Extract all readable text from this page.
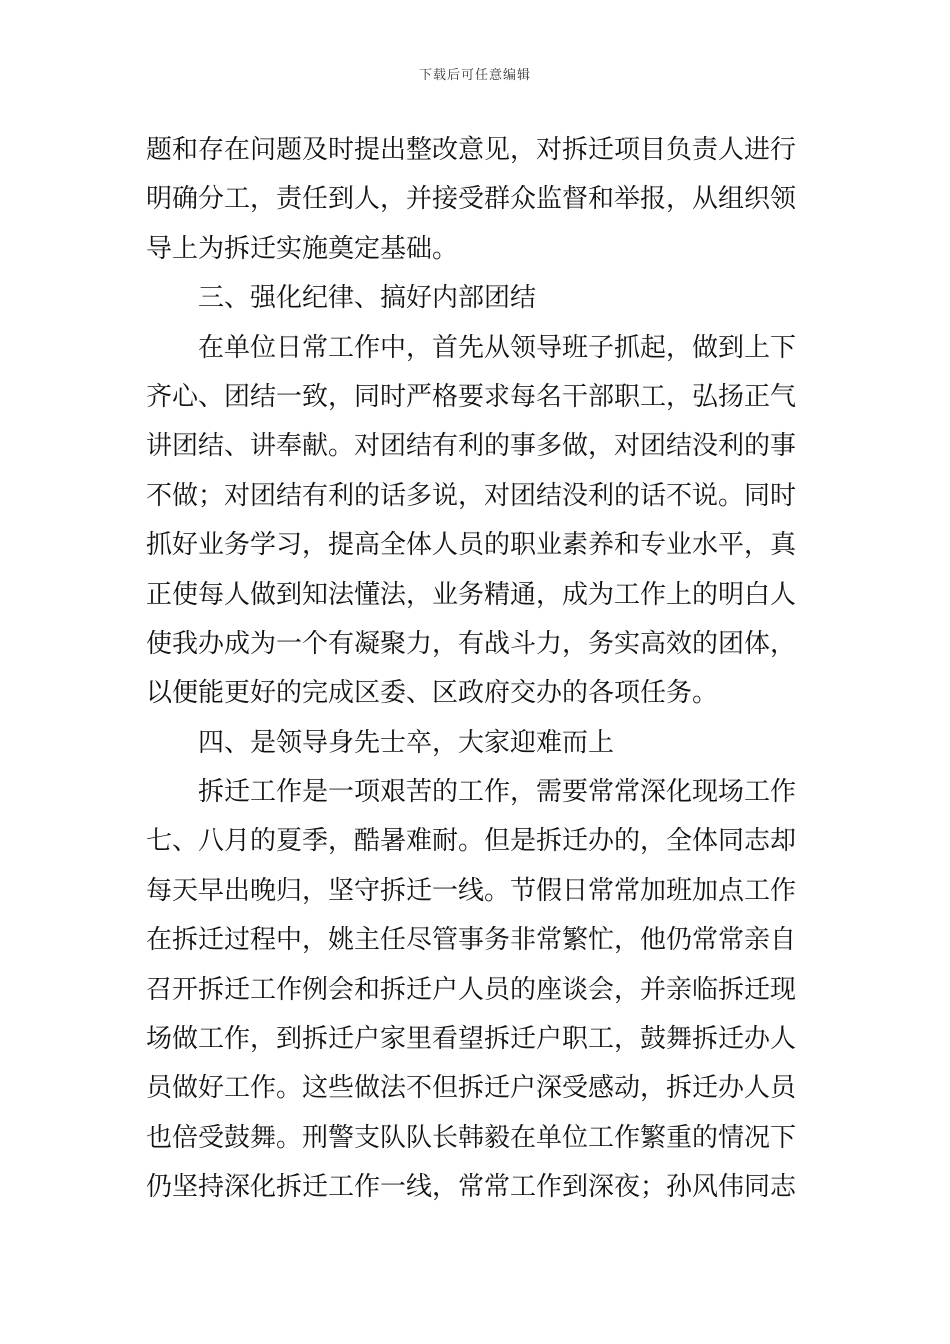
下载后可任意编辑
题和存在问题及时提出整改意见，对拆迁项目负责人进行
明确分工，责任到人，并接受群众监督和举报，从组织领
导上为拆迁实施奠定基础。
三、强化纪律、搞好内部团结
在单位日常工作中，首先从领导班子抓起，做到上下
齐心、团结一致，同时严格要求每名干部职工，弘扬正气
讲团结、讲奉献。对团结有利的事多做，对团结没利的事
不做；对团结有利的话多说，对团结没利的话不说。同时
抓好业务学习，提高全体人员的职业素养和专业水平，真
正使每人做到知法懂法，业务精通，成为工作上的明白人
使我办成为一个有凝聚力，有战斗力，务实高效的团体，
以便能更好的完成区委、区政府交办的各项任务。
四、是领导身先士卒，大家迎难而上
拆迁工作是一项艰苦的工作，需要常常深化现场工作
七、八月的夏季，酷暑难耐。但是拆迁办的，全体同志却
每天早出晚归，坚守拆迁一线。节假日常常加班加点工作
在拆迁过程中，姚主任尽管事务非常繁忙，他仍常常亲自
召开拆迁工作例会和拆迁户人员的座谈会，并亲临拆迁现
场做工作，到拆迁户家里看望拆迁户职工，鼓舞拆迁办人
员做好工作。这些做法不但拆迁户深受感动，拆迁办人员
也倍受鼓舞。刑警支队队长韩毅在单位工作繁重的情况下
仍坚持深化拆迁工作一线，常常工作到深夜；孙风伟同志
